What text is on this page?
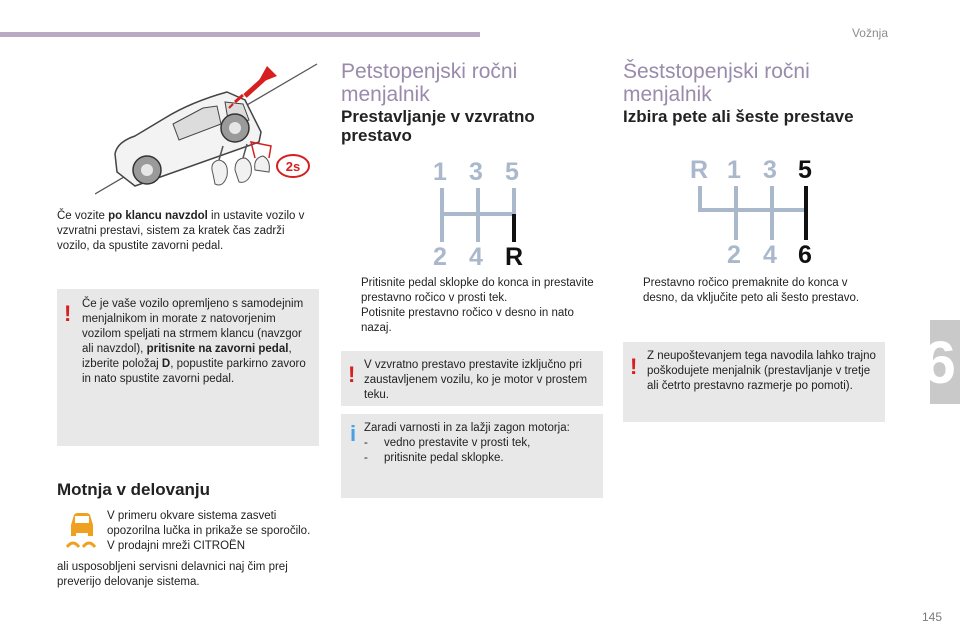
Vožnja
6
145
2s

Če vozite po klancu navzdol in ustavite vozilo v vzvratni prestavi, sistem za kratek čas zadrži vozilo, da spustite zavorni pedal.

! Če je vaše vozilo opremljeno s samodejnim menjalnikom in morate z natovorjenim vozilom speljati na strmem klancu (navzgor ali navzdol), pritisnite na zavorni pedal, izberite položaj D, popustite parkirno zavoro in nato spustite zavorni pedal.

Motnja v delovanju

V primeru okvare sistema zasveti opozorilna lučka in prikaže se sporočilo. V prodajni mreži CITROËN

ali usposobljeni servisni delavnici naj čim prej preverijo delovanje sistema.

Petstopenjski ročni menjalnik
Prestavljanje v vzvratno prestavo
1 3 5
2 4 R
Pritisnite pedal sklopke do konca in prestavite prestavno ročico v prosti tek.
Potisnite prestavno ročico v desno in nato nazaj.
! V vzvratno prestavo prestavite izključno pri zaustavljenem vozilu, ko je motor v prostem teku.

i Zaradi varnosti in za lažji zagon motorja:

-	vedno prestavite v prosti tek,
-	pritisnite pedal sklopke.
Šeststopenjski ročni menjalnik
Izbira pete ali šeste prestave
R 1 3 5
2 4 6
Prestavno ročico premaknite do konca v desno, da vključite peto ali šesto prestavo.
! Z neupoštevanjem tega navodila lahko trajno poškodujete menjalnik (prestavljanje v tretje ali četrto prestavno razmerje po pomoti).
